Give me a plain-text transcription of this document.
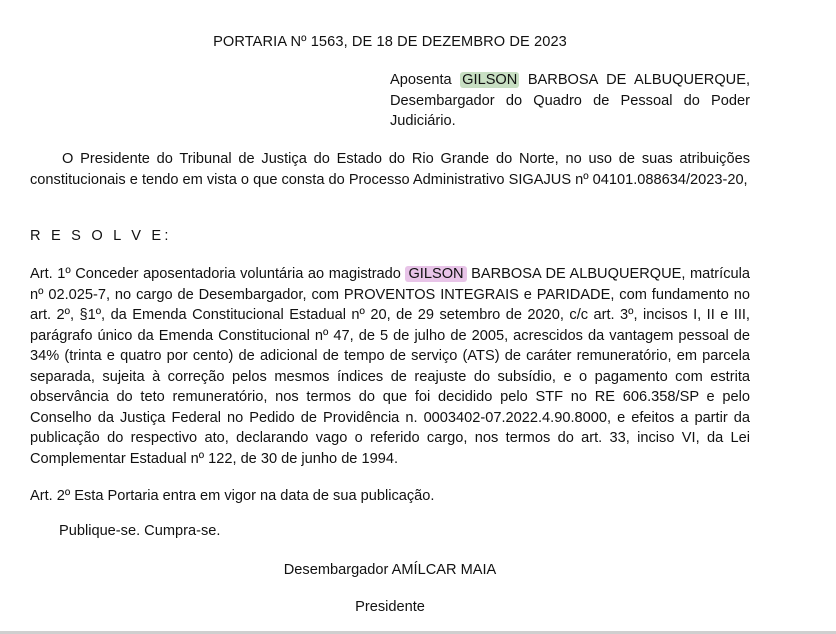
PORTARIA Nº 1563, DE 18 DE DEZEMBRO DE 2023
Aposenta GILSON BARBOSA DE ALBUQUERQUE, Desembargador do Quadro de Pessoal do Poder Judiciário.
O Presidente do Tribunal de Justiça do Estado do Rio Grande do Norte, no uso de suas atribuições constitucionais e tendo em vista o que consta do Processo Administrativo SIGAJUS nº 04101.088634/2023-20,
R E S O L V E:
Art. 1º Conceder aposentadoria voluntária ao magistrado GILSON BARBOSA DE ALBUQUERQUE, matrícula nº 02.025-7, no cargo de Desembargador, com PROVENTOS INTEGRAIS e PARIDADE, com fundamento no art. 2º, §1º, da Emenda Constitucional Estadual nº 20, de 29 setembro de 2020, c/c art. 3º, incisos I, II e III, parágrafo único da Emenda Constitucional nº 47, de 5 de julho de 2005, acrescidos da vantagem pessoal de 34% (trinta e quatro por cento) de adicional de tempo de serviço (ATS) de caráter remuneratório, em parcela separada, sujeita à correção pelos mesmos índices de reajuste do subsídio, e o pagamento com estrita observância do teto remuneratório, nos termos do que foi decidido pelo STF no RE 606.358/SP e pelo Conselho da Justiça Federal no Pedido de Providência n. 0003402-07.2022.4.90.8000, e efeitos a partir da publicação do respectivo ato, declarando vago o referido cargo, nos termos do art. 33, inciso VI, da Lei Complementar Estadual nº 122, de 30 de junho de 1994.
Art. 2º Esta Portaria entra em vigor na data de sua publicação.
Publique-se. Cumpra-se.
Desembargador AMÍLCAR MAIA
Presidente
